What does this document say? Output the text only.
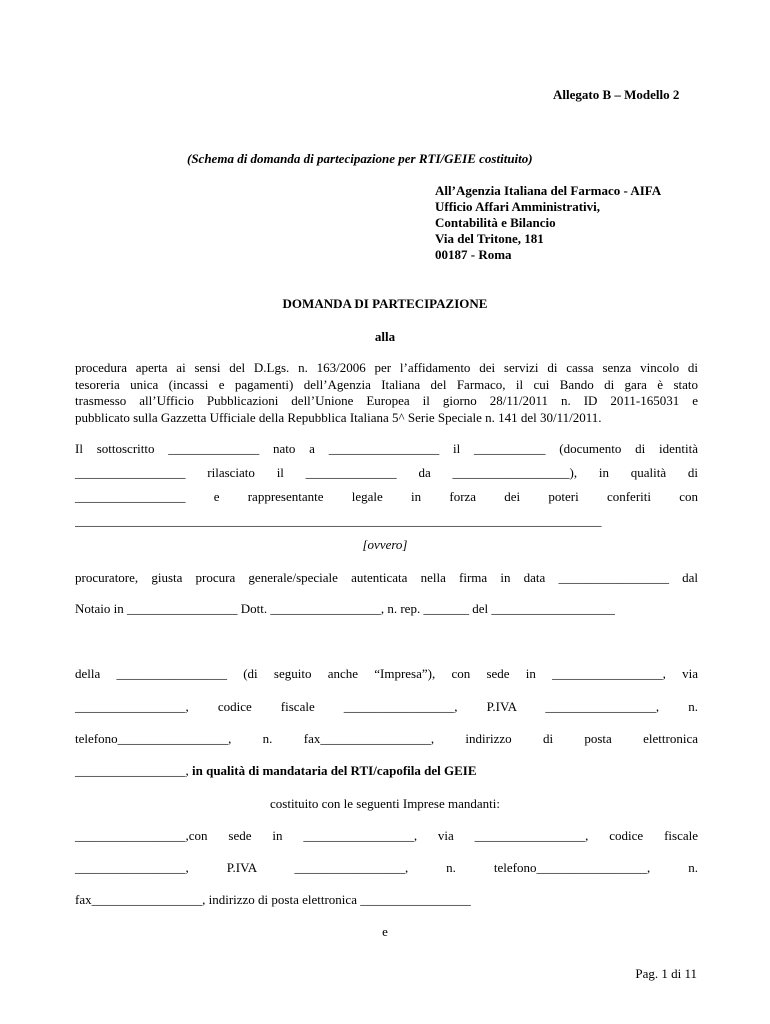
Allegato B – Modello 2
(Schema di domanda di partecipazione per RTI/GEIE costituito)
All’Agenzia Italiana del Farmaco - AIFA
Ufficio Affari Amministrativi,
Contabilità e Bilancio
Via del Tritone, 181
00187 - Roma
DOMANDA DI PARTECIPAZIONE
alla
procedura aperta ai sensi del D.Lgs. n. 163/2006 per l’affidamento dei servizi di cassa senza vincolo di
tesoreria unica (incassi e pagamenti) dell’Agenzia Italiana del Farmaco, il cui Bando di gara è stato
trasmesso all’Ufficio Pubblicazioni dell’Unione Europea il giorno 28/11/2011 n. ID 2011-165031 e
pubblicato sulla Gazzetta Ufficiale della Repubblica Italiana 5^ Serie Speciale n. 141 del 30/11/2011.
Il sottoscritto ______________ nato a _________________ il ___________ (documento di identità
_________________ rilasciato il ______________ da __________________), in qualità di
_________________ e rappresentante legale in forza dei poteri conferiti con
_________________________________________________________________________________
[ovvero]
procuratore, giusta procura generale/speciale autenticata nella firma in data _________________ dal
Notaio in _________________ Dott. _________________, n. rep. _______ del ___________________
della _________________ (di seguito anche “Impresa”), con sede in _________________, via
_________________, codice fiscale _________________, P.IVA _________________, n.
telefono_________________, n. fax_________________, indirizzo di posta elettronica
_________________, in qualità di mandataria del RTI/capofila del GEIE
costituito con le seguenti Imprese mandanti:
_________________,con sede in _________________, via _________________, codice fiscale
_________________, P.IVA _________________, n. telefono_________________, n.
fax_________________, indirizzo di posta elettronica _________________
e
Pag. 1 di 11
